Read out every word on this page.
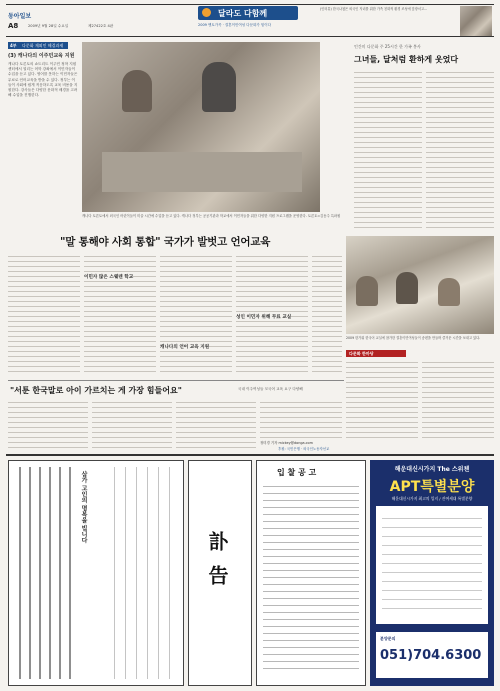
동아일보
A8	2009년 9월 28일 수요일	제27422호 4판
달라도 다함께
2009 멘토가족 · 결혼이민여성 다문화가 힘이다
(인터뷰) 한국나청은 외국인 자녀를 위한 가족 친화적 환경 조성에 앞장서고...
4부 다문화 재외인 해결과제
(3) 캐나다의 이주민교육 지원
캐나다 토론토의 쇼트리트 이주민 정착 지원센터에서 열리는 어학 강좌에서 이민자들이 수업을 듣고 있다. 영어를 못하는 이민자들은 무료로 언어교육을 받을 수 있다. 정부는 이들이 사회에 쉽게 적응하도록 교육 비용을 지원한다. 강사들은 다양한 문화적 배경을 고려해 수업을 진행한다.
캐나다 토론토에서 외국인 어린이들이 미술 시간에 수업을 듣고 있다. 캐나다 정부는 공공기관과 학교에서 이민자들을 위한 다양한 지원 프로그램을 운영한다. 토론토=김동주 특파원
인간미 다문화 주 25시간 한 가족 봉사
그녀들, 달처럼 환하게 웃었다
"말 통해야 사회 통합" 국가가 발벗고 언어교육
이민자 많은 스웨덴 학교
성인 이민자 위해 무료 교실
캐나다의 언어 교육 지원
2009 한가위 한국어 교실에 참가한 결혼이민여성들이 송편을 만들며 즐거운 시간을 보내고 있다.
다문화 한마당
"서툰 한국말로 아이 가르치는 게 가장 힘들어요"	국내 이주여성들 모국어 교육 요구 다양해
정미경 기자 mickey@donga.com
후원: 국민은행 · 외국인노동자선교
삼가 고인의 명복을 빕니다
訃告
입 찰 공 고	해운대신시가지 The 스위첸
APT특별분양
해운대신시가지 최고의 입지 / 잔여세대 특별분양
분양문의
051)704.6300
